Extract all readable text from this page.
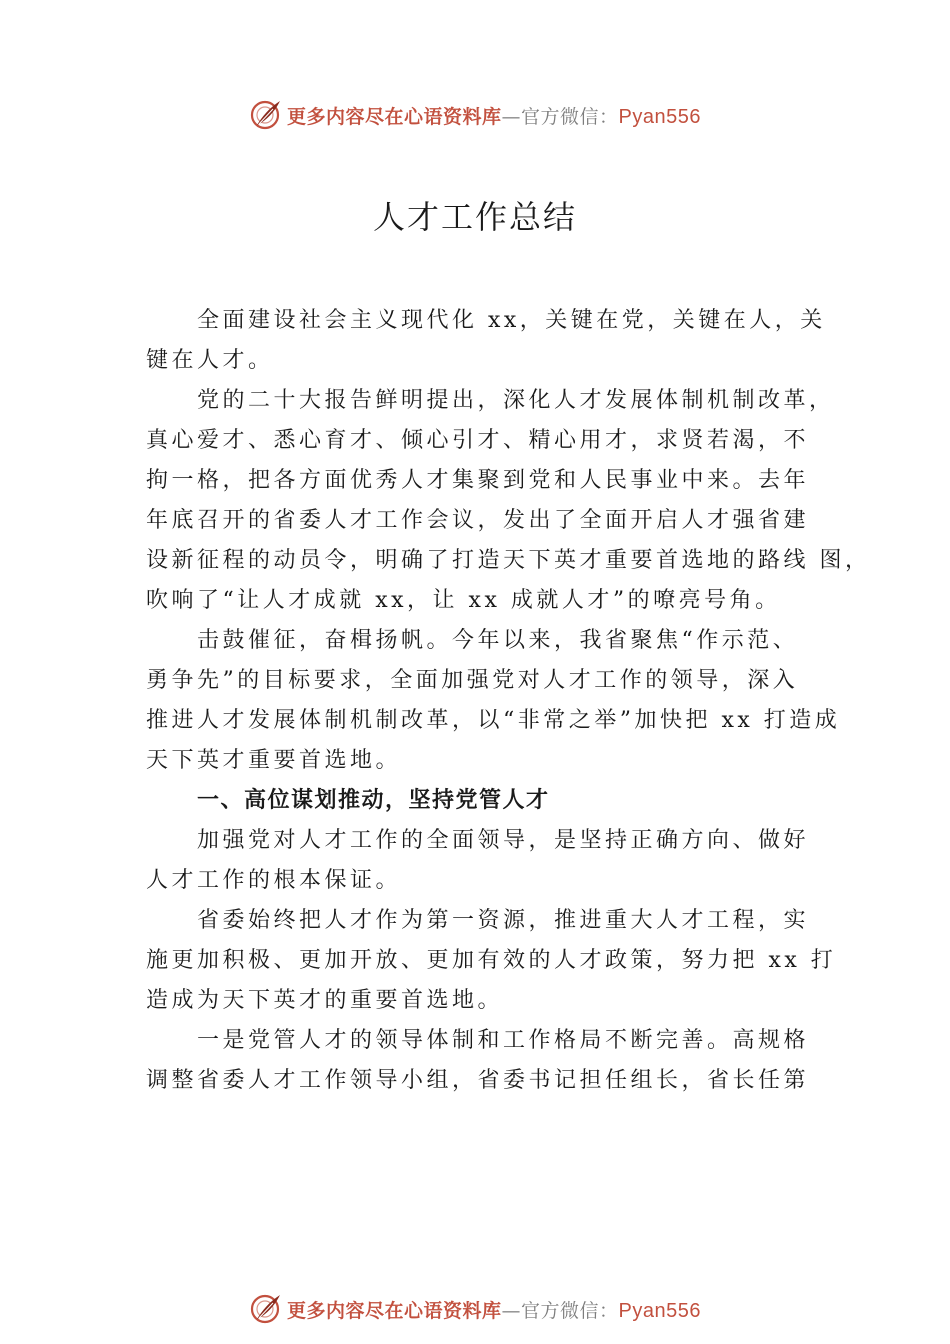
更多内容尽在心语资料库—官方微信：Pyan556
人才工作总结

全面建设社会主义现代化 xx，关键在党，关键在人，关
键在人才。

党的二十大报告鲜明提出，深化人才发展体制机制改革，
真心爱才、悉心育才、倾心引才、精心用才，求贤若渴，不
拘一格，把各方面优秀人才集聚到党和人民事业中来。去年
年底召开的省委人才工作会议，发出了全面开启人才强省建
设新征程的动员令，明确了打造天下英才重要首选地的路线 图，
吹响了“让人才成就 xx，让 xx 成就人才”的嘹亮号角。

击鼓催征，奋楫扬帆。今年以来，我省聚焦“作示范、
勇争先”的目标要求，全面加强党对人才工作的领导，深入
推进人才发展体制机制改革，以“非常之举”加快把 xx 打造成
天下英才重要首选地。

一、高位谋划推动，坚持党管人才

加强党对人才工作的全面领导，是坚持正确方向、做好
人才工作的根本保证。

省委始终把人才作为第一资源，推进重大人才工程，实
施更加积极、更加开放、更加有效的人才政策，努力把 xx 打
造成为天下英才的重要首选地。

一是党管人才的领导体制和工作格局不断完善。高规格
调整省委人才工作领导小组，省委书记担任组长，省长任第

更多内容尽在心语资料库—官方微信：Pyan556
